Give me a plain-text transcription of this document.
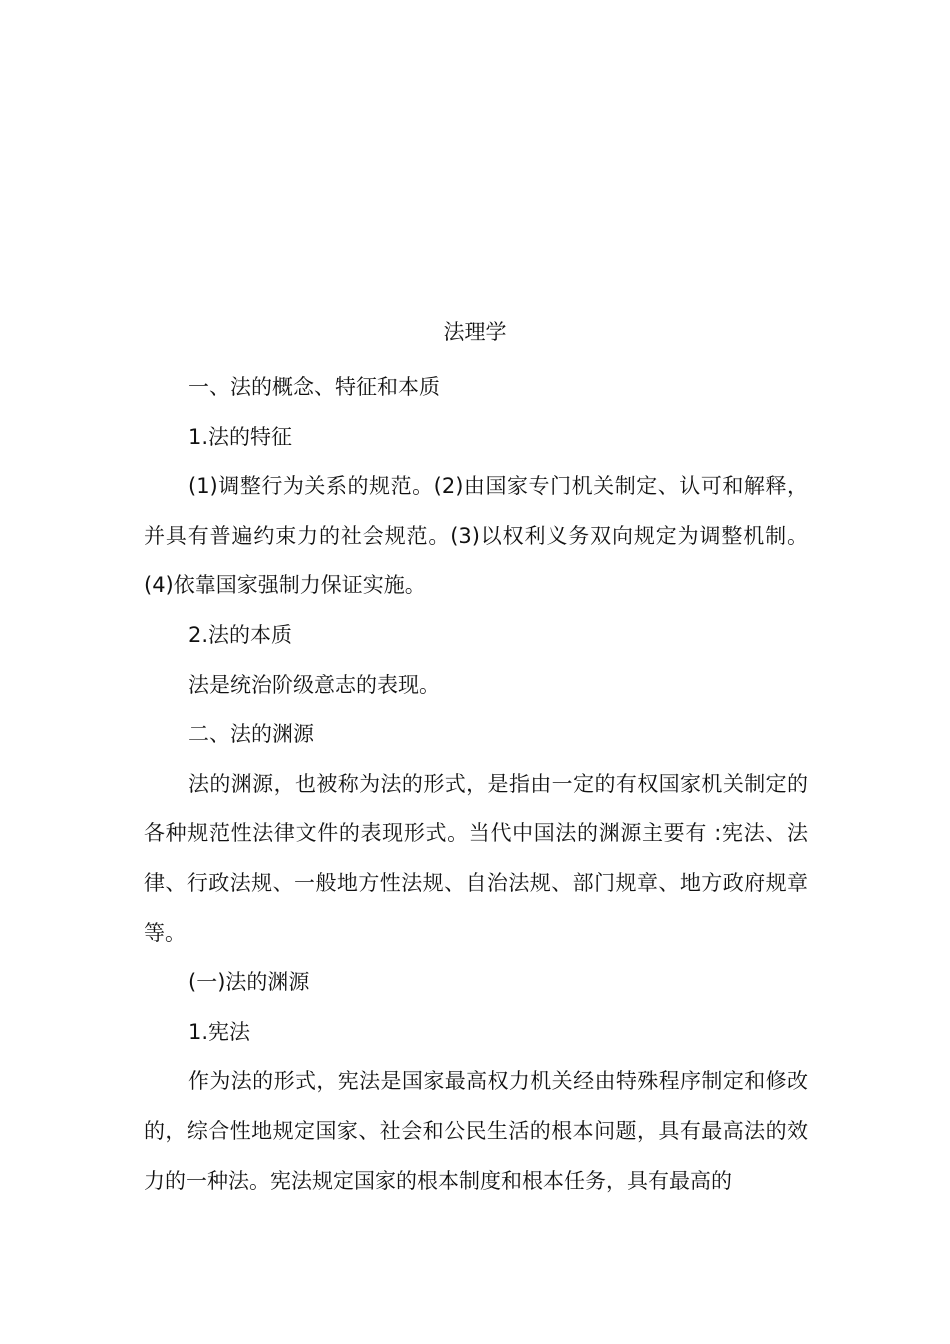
法理学

一、法的概念、特征和本质

1.法的特征

(1)调整行为关系的规范。(2)由国家专门机关制定、认可和解释，并具有普遍约束力的社会规范。(3)以权利义务双向规定为调整机制。(4)依靠国家强制力保证实施。

2.法的本质

法是统治阶级意志的表现。

二、法的渊源

法的渊源，也被称为法的形式，是指由一定的有权国家机关制定的各种规范性法律文件的表现形式。当代中国法的渊源主要有 :宪法、法律、行政法规、一般地方性法规、自治法规、部门规章、地方政府规章等。

(一)法的渊源

1.宪法

作为法的形式，宪法是国家最高权力机关经由特殊程序制定和修改的，综合性地规定国家、社会和公民生活的根本问题，具有最高法的效力的一种法。宪法规定国家的根本制度和根本任务，具有最高的
